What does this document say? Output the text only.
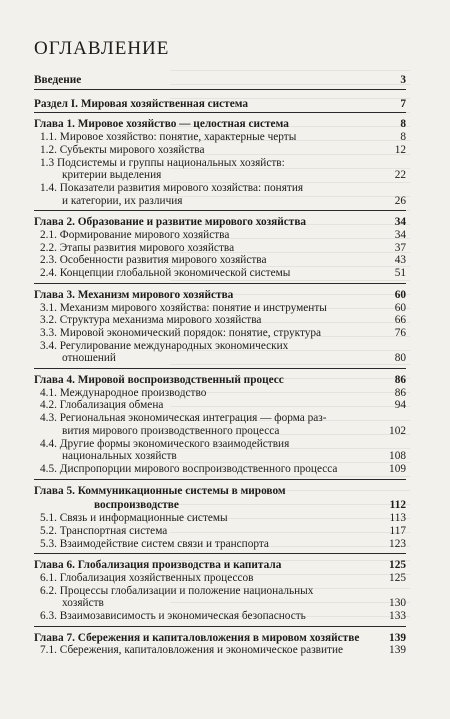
ОГЛАВЛЕНИЕ
Введение	3
Раздел I. Мировая хозяйственная система	7
Глава 1. Мировое хозяйство — целостная система	8
1.1. Мировое хозяйство: понятие, характерные черты	8
1.2. Субъекты мирового хозяйства	12
1.3 Подсистемы и группы национальных хозяйств:
критерии выделения	22
1.4. Показатели развития мирового хозяйства: понятия
и категории, их различия	26
Глава 2. Образование и развитие мирового хозяйства	34
2.1. Формирование мирового хозяйства	34
2.2. Этапы развития мирового хозяйства	37
2.3. Особенности развития мирового хозяйства	43
2.4. Концепции глобальной экономической системы	51
Глава 3. Механизм мирового хозяйства	60
3.1. Механизм мирового хозяйства: понятие и инструменты	60
3.2. Структура механизма мирового хозяйства	66
3.3. Мировой экономический порядок: понятие, структура	76
3.4. Регулирование международных экономических
отношений	80
Глава 4. Мировой воспроизводственный процесс	86
4.1. Международное производство	86
4.2. Глобализация обмена	94
4.3. Региональная экономическая интеграция — форма раз-
вития мирового производственного процесса	102
4.4. Другие формы экономического взаимодействия
национальных хозяйств	108
4.5. Диспропорции мирового воспроизводственного процесса	109
Глава 5. Коммуникационные системы в мировом
воспроизводстве	112
5.1. Связь и информационные системы	113
5.2. Транспортная система	117
5.3. Взаимодействие систем связи и транспорта	123
Глава 6. Глобализация производства и капитала	125
6.1. Глобализация хозяйственных процессов	125
6.2. Процессы глобализации и положение национальных
хозяйств	130
6.3. Взаимозависимость и экономическая безопасность	133
Глава 7. Сбережения и капиталовложения в мировом хозяйстве	139
7.1. Сбережения, капиталовложения и экономическое развитие	139
